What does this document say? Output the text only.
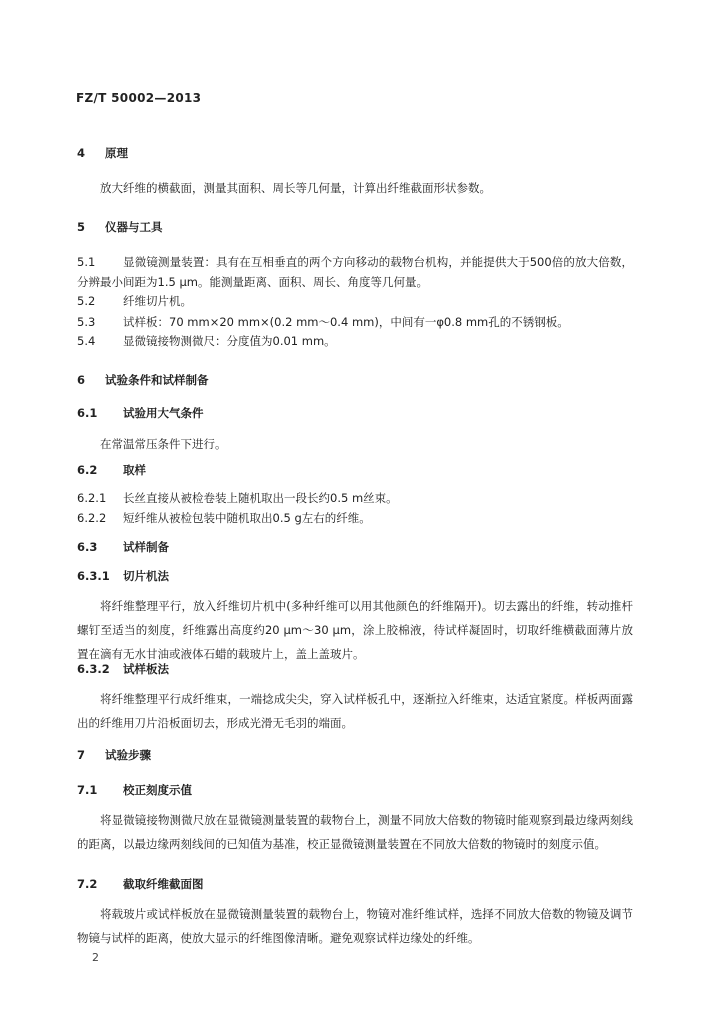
FZ/T 50002—2013
4 原理
放大纤维的横截面，测量其面积、周长等几何量，计算出纤维截面形状参数。
5 仪器与工具
5.1 显微镜测量装置：具有在互相垂直的两个方向移动的载物台机构，并能提供大于500倍的放大倍数，分辨最小间距为1.5 μm。能测量距离、面积、周长、角度等几何量。
5.2 纤维切片机。
5.3 试样板：70 mm×20 mm×(0.2 mm～0.4 mm)，中间有一φ0.8 mm孔的不锈钢板。
5.4 显微镜接物测微尺：分度值为0.01 mm。
6 试验条件和试样制备
6.1 试验用大气条件
在常温常压条件下进行。
6.2 取样
6.2.1 长丝直接从被检卷装上随机取出一段长约0.5 m丝束。
6.2.2 短纤维从被检包装中随机取出0.5 g左右的纤维。
6.3 试样制备
6.3.1 切片机法
将纤维整理平行，放入纤维切片机中(多种纤维可以用其他颜色的纤维隔开)。切去露出的纤维，转动推杆螺钉至适当的刻度，纤维露出高度约20 μm～30 μm，涂上胶棉液，待试样凝固时，切取纤维横截面薄片放置在滴有无水甘油或液体石蜡的载玻片上，盖上盖玻片。
6.3.2 试样板法
将纤维整理平行成纤维束，一端捻成尖尖，穿入试样板孔中，逐渐拉入纤维束，达适宜紧度。样板两面露出的纤维用刀片沿板面切去，形成光滑无毛羽的端面。
7 试验步骤
7.1 校正刻度示值
将显微镜接物测微尺放在显微镜测量装置的载物台上，测量不同放大倍数的物镜时能观察到最边缘两刻线的距离，以最边缘两刻线间的已知值为基准，校正显微镜测量装置在不同放大倍数的物镜时的刻度示值。
7.2 截取纤维截面图
将载玻片或试样板放在显微镜测量装置的载物台上，物镜对准纤维试样，选择不同放大倍数的物镜及调节物镜与试样的距离，使放大显示的纤维图像清晰。避免观察试样边缘处的纤维。
2
